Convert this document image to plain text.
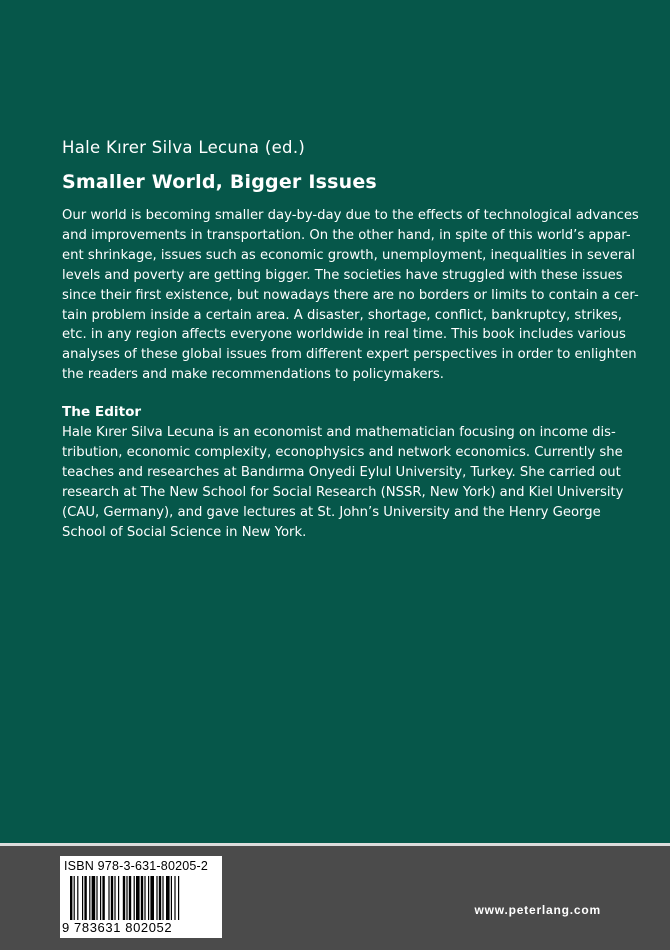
Hale Kırer Silva Lecuna (ed.)
Smaller World, Bigger Issues

Our world is becoming smaller day-by-day due to the effects of technological advances
and improvements in transportation. On the other hand, in spite of this world’s appar-
ent shrinkage, issues such as economic growth, unemployment, inequalities in several
levels and poverty are getting bigger. The societies have struggled with these issues
since their first existence, but nowadays there are no borders or limits to contain a cer-
tain problem inside a certain area. A disaster, shortage, conflict, bankruptcy, strikes,
etc. in any region affects everyone worldwide in real time. This book includes various
analyses of these global issues from different expert perspectives in order to enlighten
the readers and make recommendations to policymakers.

The Editor

Hale Kırer Silva Lecuna is an economist and mathematician focusing on income dis-
tribution, economic complexity, econophysics and network economics. Currently she
teaches and researches at Bandırma Onyedi Eylul University, Turkey. She carried out
research at The New School for Social Research (NSSR, New York) and Kiel University
(CAU, Germany), and gave lectures at St. John’s University and the Henry George
School of Social Science in New York.

ISBN 978-3-631-80205-2
9 783631 802052
www.peterlang.com
